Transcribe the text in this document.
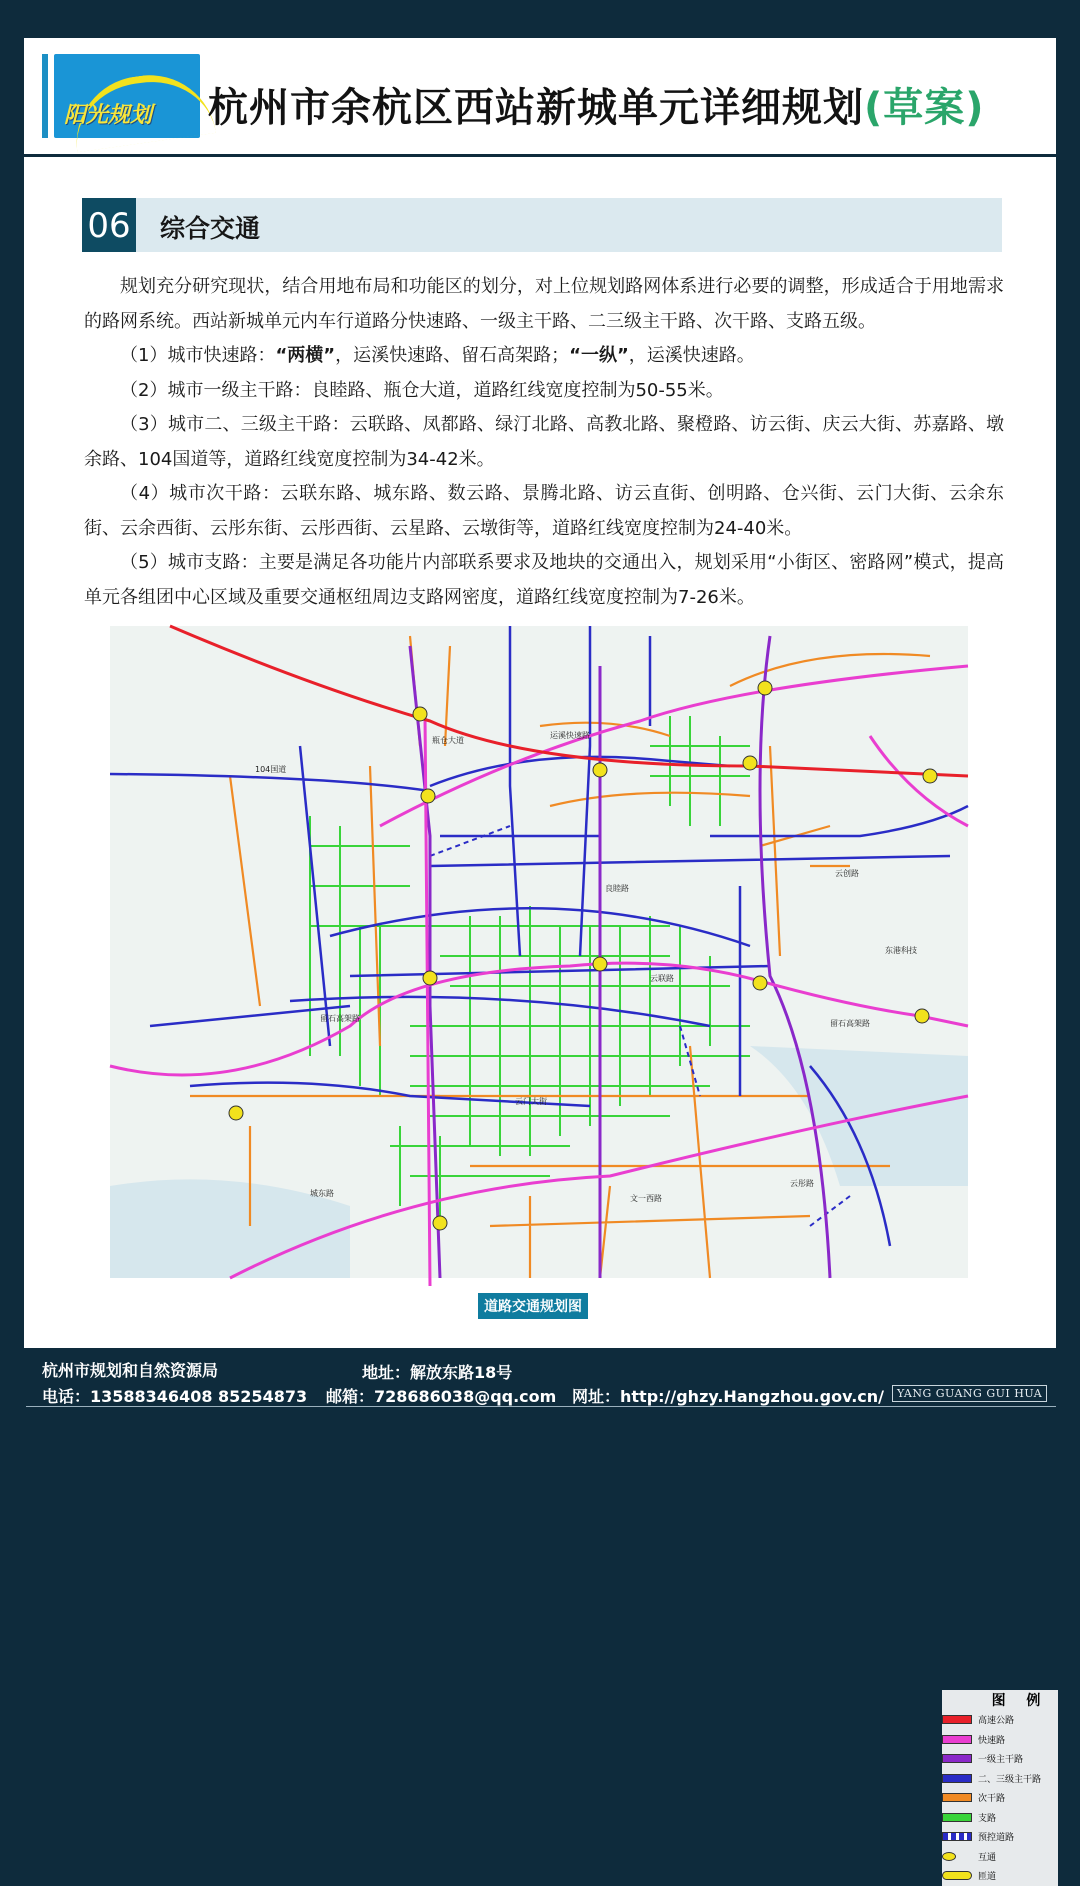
阳光规划 杭州市余杭区西站新城单元详细规划(草案)
06 综合交通

规划充分研究现状，结合用地布局和功能区的划分，对上位规划路网体系进行必要的调整，形成适合于用地需求的路网系统。西站新城单元内车行道路分快速路、一级主干路、二三级主干路、次干路、支路五级。

（1）城市快速路：“两横”，运溪快速路、留石高架路；“一纵”，运溪快速路。

（2）城市一级主干路：良睦路、瓶仓大道，道路红线宽度控制为50-55米。

（3）城市二、三级主干路：云联路、凤都路、绿汀北路、高教北路、聚橙路、访云街、庆云大街、苏嘉路、墩余路、104国道等，道路红线宽度控制为34-42米。

（4）城市次干路：云联东路、城东路、数云路、景腾北路、访云直街、创明路、仓兴街、云门大街、云余东街、云余西街、云彤东街、云彤西街、云星路、云墩街等，道路红线宽度控制为24-40米。

（5）城市支路：主要是满足各功能片内部联系要求及地块的交通出入，规划采用“小街区、密路网”模式，提高单元各组团中心区域及重要交通枢纽周边支路网密度，道路红线宽度控制为7-26米。

104国道
瓶仓大道
运溪快速路
留石高架路
良睦路
云联路
留石高架路
东港科技
城东路
云门大街
文一西路
云彤路
云创路
图 例
高速公路
快速路
一级主干路
二、三级主干路
次干路
支路
预控道路
互通
匝道
道路交通规划图
杭州市规划和自然资源局	地址：解放东路18号
电话：13588346408 85254873 邮箱：728686038@qq.com 网址：http://ghzy.Hangzhou.gov.cn/	YANG GUANG GUI HUA
